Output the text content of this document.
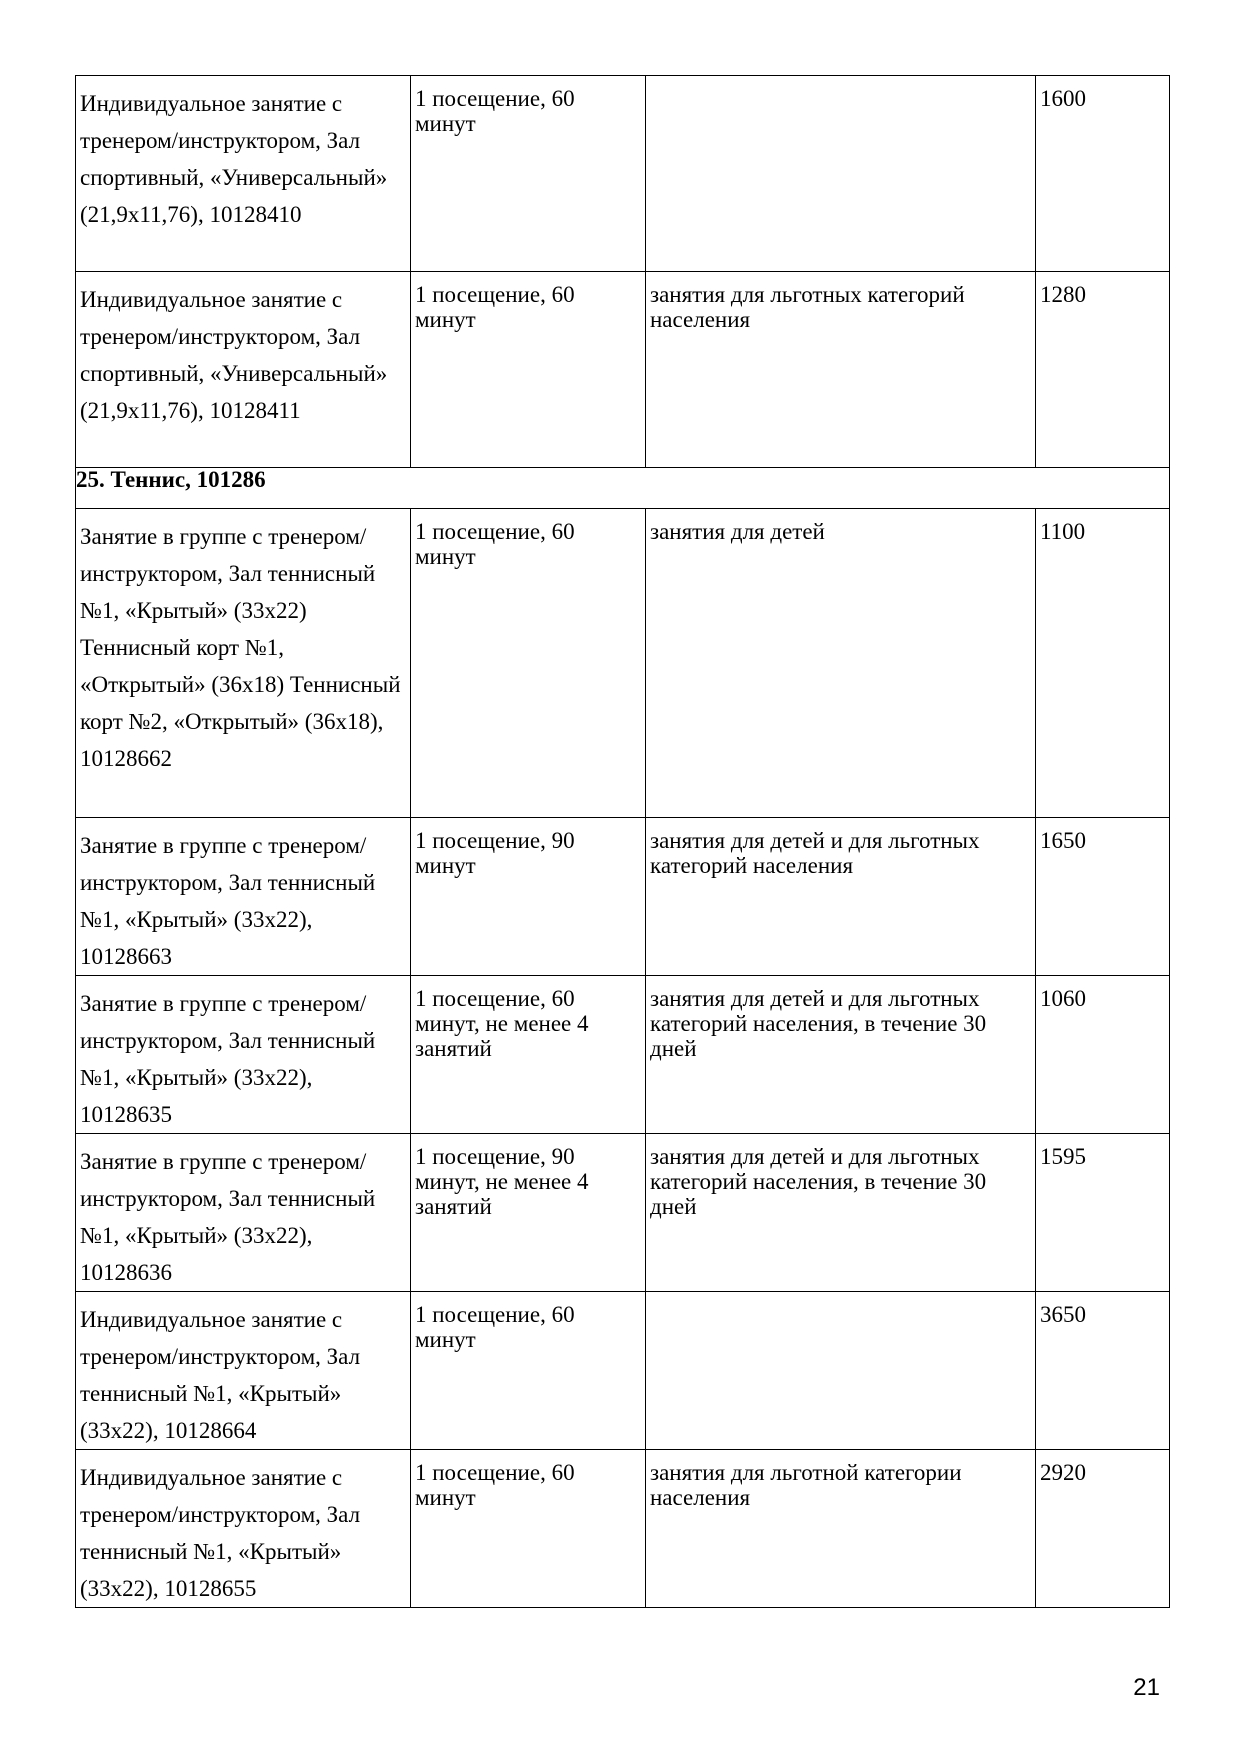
Индивидуальное занятие с тренером/инструктором, Зал спортивный, «Универсальный» (21,9х11,76), 10128410	1 посещение, 60
минут		1600

Индивидуальное занятие с тренером/инструктором, Зал спортивный, «Универсальный» (21,9х11,76), 10128411	1 посещение, 60
минут	занятия для льготных категорий
населения	1280

25. Теннис, 101286			

Занятие в группе с тренером/инструктором, Зал теннисный №1, «Крытый» (33х22) Теннисный корт №1, «Открытый» (36х18) Теннисный корт №2, «Открытый» (36х18), 10128662	1 посещение, 60
минут	занятия для детей	1100

Занятие в группе с тренером/инструктором, Зал теннисный №1, «Крытый» (33х22), 10128663	1 посещение, 90
минут	занятия для детей и для льготных
категорий населения	1650

Занятие в группе с тренером/инструктором, Зал теннисный №1, «Крытый» (33х22), 10128635	1 посещение, 60
минут, не менее 4
занятий	занятия для детей и для льготных
категорий населения, в течение 30
дней	1060

Занятие в группе с тренером/инструктором, Зал теннисный №1, «Крытый» (33х22), 10128636	1 посещение, 90
минут, не менее 4
занятий	занятия для детей и для льготных
категорий населения, в течение 30
дней	1595

Индивидуальное занятие с тренером/инструктором, Зал теннисный №1, «Крытый» (33х22), 10128664	1 посещение, 60
минут		3650

Индивидуальное занятие с тренером/инструктором, Зал теннисный №1, «Крытый» (33х22), 10128655	1 посещение, 60
минут	занятия для льготной категории
населения	2920
21
